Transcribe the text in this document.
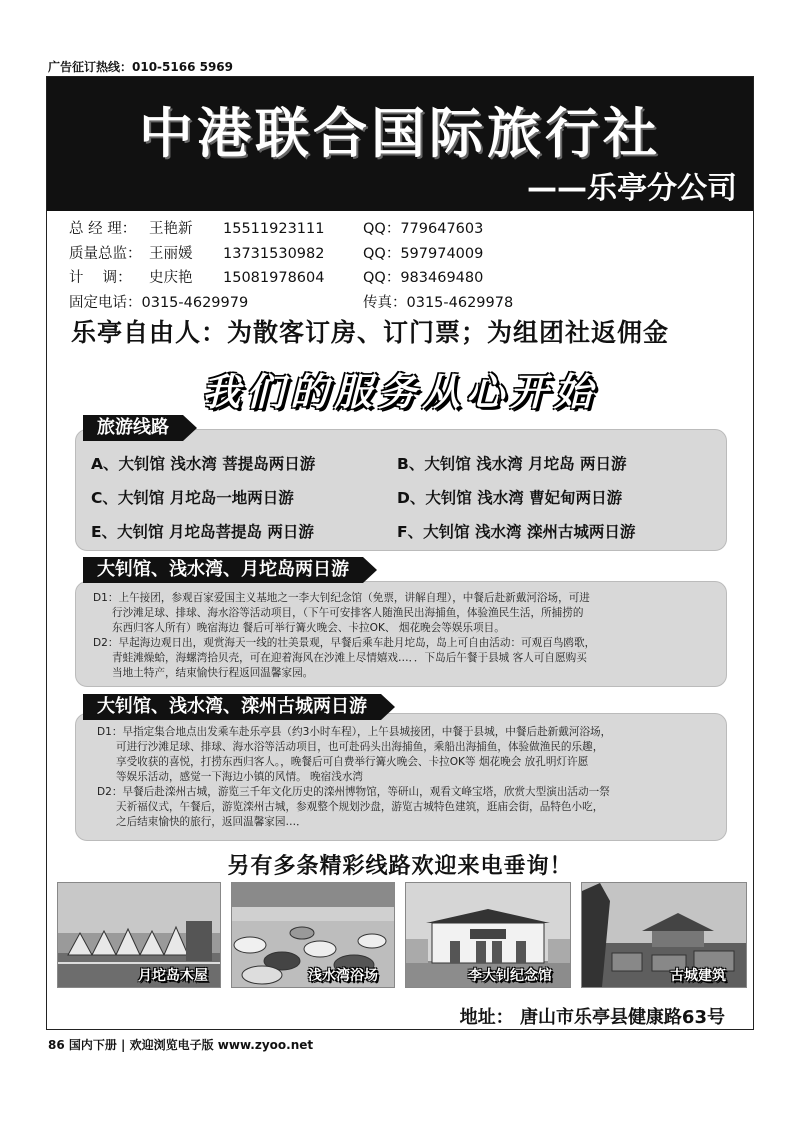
广告征订热线：010-5166 5969
中港联合国际旅行社
——乐亭分公司
总 经 理： 王艳新	15511923111	QQ：779647603
质量总监： 王丽媛	13731530982	QQ：597974009
计　 调：	史庆艳	15081978604	QQ：983469480
固定电话：0315-4629979	传真：0315-4629978
乐亭自由人：为散客订房、订门票；为组团社返佣金
我们的服务从心开始
旅游线路
A、大钊馆 浅水湾 菩提岛两日游	B、大钊馆 浅水湾 月坨岛 两日游
C、大钊馆 月坨岛一地两日游	D、大钊馆 浅水湾 曹妃甸两日游
E、大钊馆 月坨岛菩提岛 两日游	F、大钊馆 浅水湾 滦州古城两日游
大钊馆、浅水湾、月坨岛两日游

D1：上午接团，参观百家爱国主义基地之一李大钊纪念馆（免票，讲解自理），中餐后赴新戴河浴场，可进

行沙滩足球、排球、海水浴等活动项目，（下午可安排客人随渔民出海捕鱼，体验渔民生活，所捕捞的

东西归客人所有）晚宿海边 餐后可举行篝火晚会、卡拉OK、 烟花晚会等娱乐项目。

D2：早起海边观日出，观赏海天一线的壮美景观，早餐后乘车赴月坨岛，岛上可自由活动：可观百鸟鸥歌，

青蛙滩燥蛤，海螺湾拾贝壳，可在迎着海风在沙滩上尽情嬉戏…．．下岛后午餐于县城 客人可自愿购买

当地土特产，结束愉快行程返回温馨家园。

大钊馆、浅水湾、滦州古城两日游

D1：早指定集合地点出发乘车赴乐亭县（约3小时车程），上午县城接团，中餐于县城，中餐后赴新戴河浴场，

可进行沙滩足球、排球、海水浴等活动项目，也可赴码头出海捕鱼，乘船出海捕鱼，体验做渔民的乐趣，

享受收获的喜悦，打捞东西归客人。，晚餐后可自费举行篝火晚会、卡拉OK等 烟花晚会 放孔明灯许愿

等娱乐活动，感觉一下海边小镇的风情。 晚宿浅水湾

D2：早餐后赴滦州古城，游览三千年文化历史的滦州博物馆，等研山，观看文峰宝塔，欣赏大型演出活动一祭

天祈福仪式，午餐后，游览滦州古城，参观整个规划沙盘，游览古城特色建筑，逛庙会街，品特色小吃，

之后结束愉快的旅行，返回温馨家园…．

另有多条精彩线路欢迎来电垂询！
月坨岛木屋	浅水湾浴场	李大钊纪念馆	古城建筑
地址： 唐山市乐亭县健康路63号
86 国内下册 | 欢迎浏览电子版 www.zyoo.net
